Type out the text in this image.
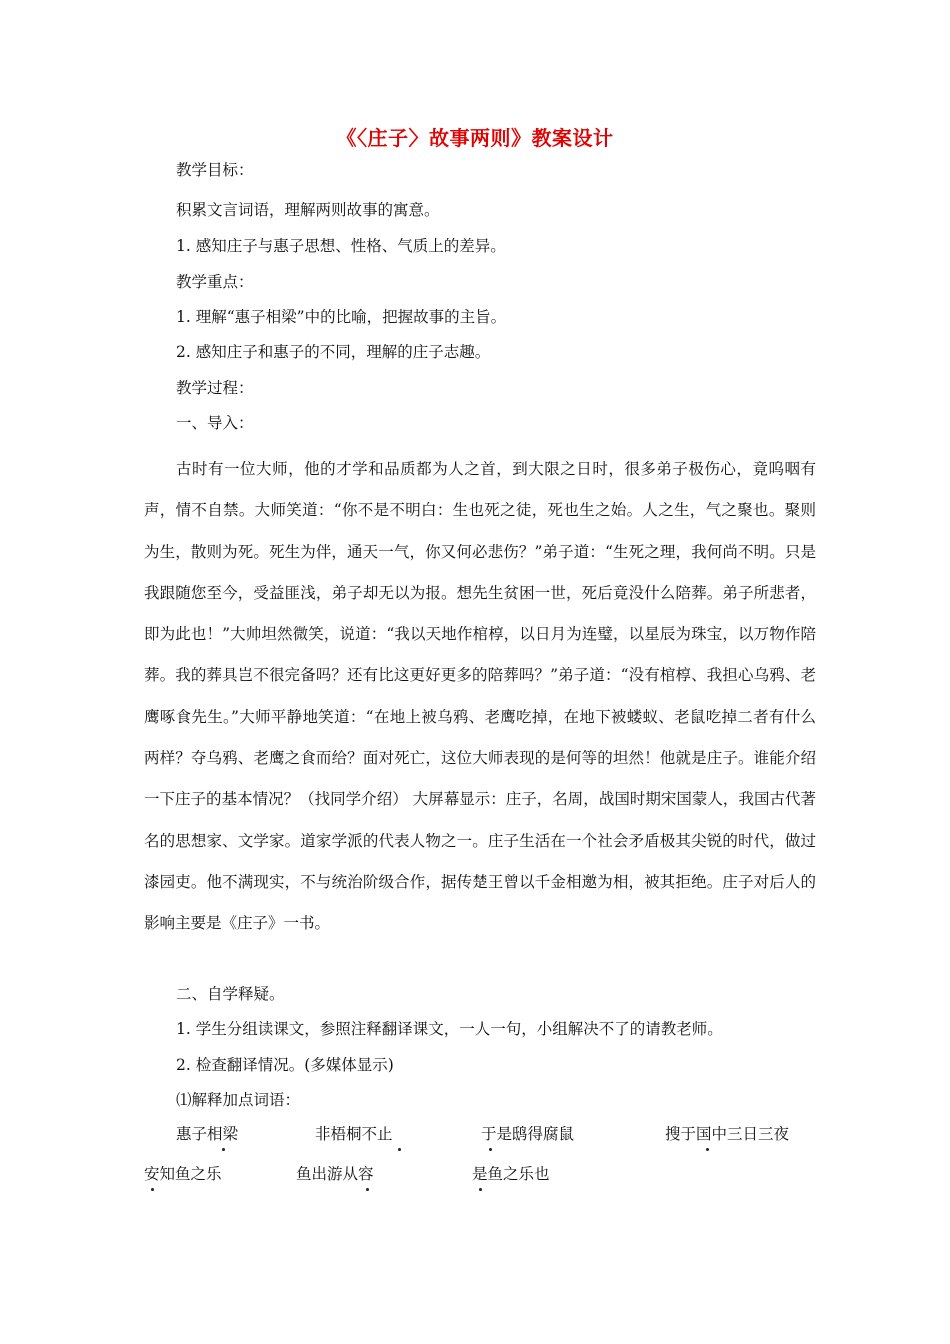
《〈庄子〉故事两则》教案设计
教学目标：
积累文言词语，理解两则故事的寓意。
1. 感知庄子与惠子思想、性格、气质上的差异。
教学重点：
1. 理解“惠子相梁”中的比喻，把握故事的主旨。
2. 感知庄子和惠子的不同，理解的庄子志趣。
教学过程：
一、导入：
古时有一位大师，他的才学和品质都为人之首，到大限之日时，很多弟子极伤心，竟呜咽有声，情不自禁。大师笑道：“你不是不明白：生也死之徒，死也生之始。人之生，气之聚也。聚则为生，散则为死。死生为伴，通天一气，你又何必悲伤？”弟子道：“生死之理，我何尚不明。只是我跟随您至今，受益匪浅，弟子却无以为报。想先生贫困一世，死后竟没什么陪葬。弟子所悲者，即为此也！”大帅坦然微笑，说道：“我以天地作棺椁，以日月为连璧，以星辰为珠宝，以万物作陪葬。我的葬具岂不很完备吗？还有比这更好更多的陪葬吗？”弟子道：“没有棺椁、我担心乌鸦、老鹰啄食先生。”大师平静地笑道：“在地上被乌鸦、老鹰吃掉，在地下被蝼蚁、老鼠吃掉二者有什么两样？夺乌鸦、老鹰之食而给？面对死亡，这位大师表现的是何等的坦然！他就是庄子。谁能介绍一下庄子的基本情况？（找同学介绍） 大屏幕显示：庄子，名周，战国时期宋国蒙人，我国古代著名的思想家、文学家。道家学派的代表人物之一。庄子生活在一个社会矛盾极其尖锐的时代，做过漆园吏。他不满现实，不与统治阶级合作，据传楚王曾以千金相邀为相，被其拒绝。庄子对后人的影响主要是《庄子》一书。
二、自学释疑。
1. 学生分组读课文，参照注释翻译课文，一人一句，小组解决不了的请教老师。
2. 检查翻译情况。(多媒体显示)
⑴解释加点词语：
惠子相梁	非梧桐不止	于是鸱得腐鼠	搜于国中三日三夜
安知鱼之乐	鱼出游从容	是鱼之乐也
